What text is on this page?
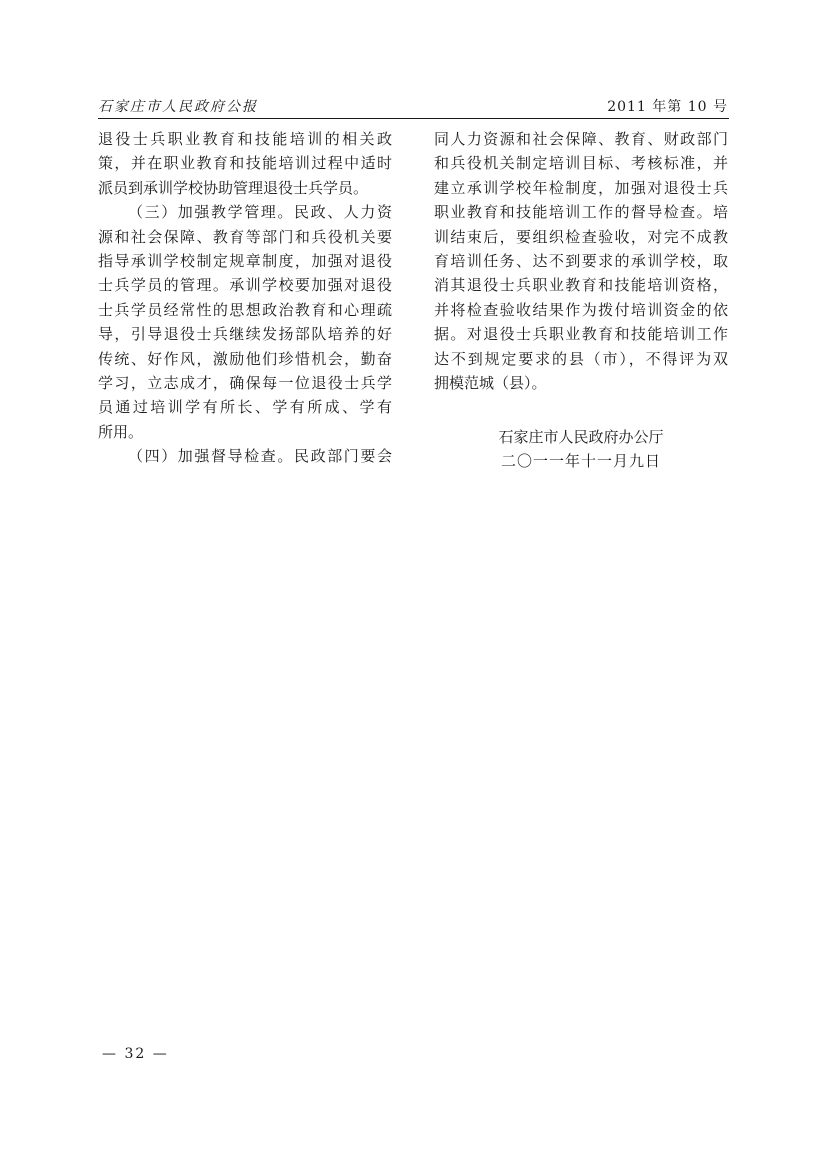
石家庄市人民政府公报	2011 年第 10 号
退役士兵职业教育和技能培训的相关政
策，并在职业教育和技能培训过程中适时
派员到承训学校协助管理退役士兵学员。
（三）加强教学管理。民政、人力资
源和社会保障、教育等部门和兵役机关要
指导承训学校制定规章制度，加强对退役
士兵学员的管理。承训学校要加强对退役
士兵学员经常性的思想政治教育和心理疏
导，引导退役士兵继续发扬部队培养的好
传统、好作风，激励他们珍惜机会，勤奋
学习，立志成才，确保每一位退役士兵学
员通过培训学有所长、学有所成、学有
所用。
（四）加强督导检查。民政部门要会
同人力资源和社会保障、教育、财政部门
和兵役机关制定培训目标、考核标准，并
建立承训学校年检制度，加强对退役士兵
职业教育和技能培训工作的督导检查。培
训结束后，要组织检查验收，对完不成教
育培训任务、达不到要求的承训学校，取
消其退役士兵职业教育和技能培训资格，
并将检查验收结果作为拨付培训资金的依
据。对退役士兵职业教育和技能培训工作
达不到规定要求的县（市），不得评为双
拥模范城（县）。
石家庄市人民政府办公厅
二〇一一年十一月九日
— 32 —
